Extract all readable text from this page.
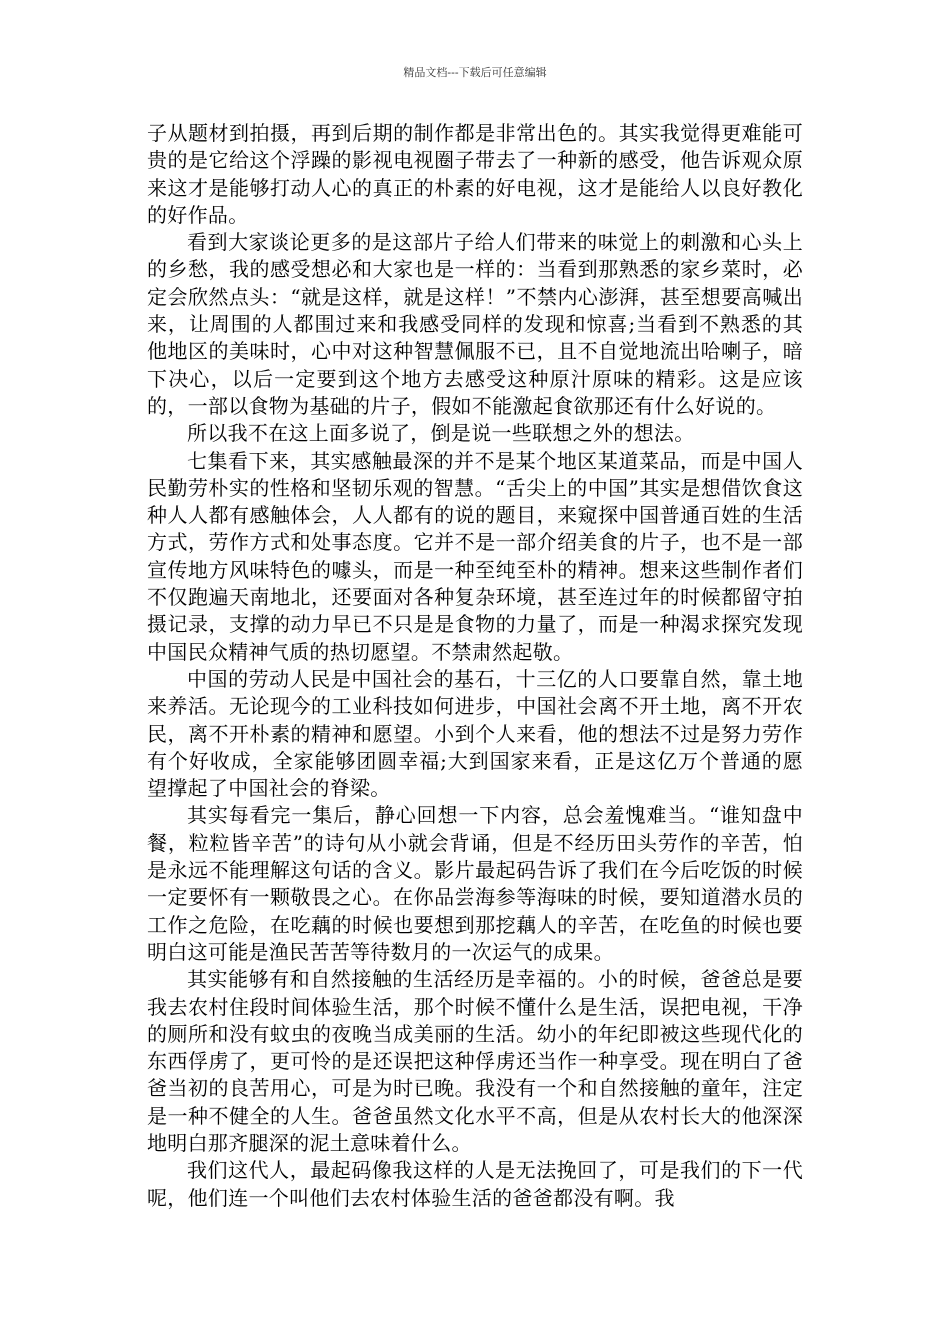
精品文档---下载后可任意编辑

子从题材到拍摄，再到后期的制作都是非常出色的。其实我觉得更难能可贵的是它给这个浮躁的影视电视圈子带去了一种新的感受，他告诉观众原来这才是能够打动人心的真正的朴素的好电视，这才是能给人以良好教化的好作品。

看到大家谈论更多的是这部片子给人们带来的味觉上的刺激和心头上的乡愁，我的感受想必和大家也是一样的：当看到那熟悉的家乡菜时，必定会欣然点头：“就是这样，就是这样！”不禁内心澎湃，甚至想要高喊出来，让周围的人都围过来和我感受同样的发现和惊喜;当看到不熟悉的其他地区的美味时，心中对这种智慧佩服不已，且不自觉地流出哈喇子，暗下决心，以后一定要到这个地方去感受这种原汁原味的精彩。这是应该的，一部以食物为基础的片子，假如不能激起食欲那还有什么好说的。

所以我不在这上面多说了，倒是说一些联想之外的想法。

七集看下来，其实感触最深的并不是某个地区某道菜品，而是中国人民勤劳朴实的性格和坚韧乐观的智慧。“舌尖上的中国”其实是想借饮食这种人人都有感触体会，人人都有的说的题目，来窥探中国普通百姓的生活方式，劳作方式和处事态度。它并不是一部介绍美食的片子，也不是一部宣传地方风味特色的噱头，而是一种至纯至朴的精神。想来这些制作者们不仅跑遍天南地北，还要面对各种复杂环境，甚至连过年的时候都留守拍摄记录，支撑的动力早已不只是是食物的力量了，而是一种渴求探究发现中国民众精神气质的热切愿望。不禁肃然起敬。

中国的劳动人民是中国社会的基石，十三亿的人口要靠自然，靠土地来养活。无论现今的工业科技如何进步，中国社会离不开土地，离不开农民，离不开朴素的精神和愿望。小到个人来看，他的想法不过是努力劳作有个好收成，全家能够团圆幸福;大到国家来看，正是这亿万个普通的愿望撑起了中国社会的脊梁。

其实每看完一集后，静心回想一下内容，总会羞愧难当。“谁知盘中餐，粒粒皆辛苦”的诗句从小就会背诵，但是不经历田头劳作的辛苦，怕是永远不能理解这句话的含义。影片最起码告诉了我们在今后吃饭的时候一定要怀有一颗敬畏之心。在你品尝海参等海味的时候，要知道潜水员的工作之危险，在吃藕的时候也要想到那挖藕人的辛苦，在吃鱼的时候也要明白这可能是渔民苦苦等待数月的一次运气的成果。

其实能够有和自然接触的生活经历是幸福的。小的时候，爸爸总是要我去农村住段时间体验生活，那个时候不懂什么是生活，误把电视，干净的厕所和没有蚊虫的夜晚当成美丽的生活。幼小的年纪即被这些现代化的东西俘虏了，更可怜的是还误把这种俘虏还当作一种享受。现在明白了爸爸当初的良苦用心，可是为时已晚。我没有一个和自然接触的童年，注定是一种不健全的人生。爸爸虽然文化水平不高，但是从农村长大的他深深地明白那齐腿深的泥土意味着什么。

我们这代人，最起码像我这样的人是无法挽回了，可是我们的下一代呢，他们连一个叫他们去农村体验生活的爸爸都没有啊。我
